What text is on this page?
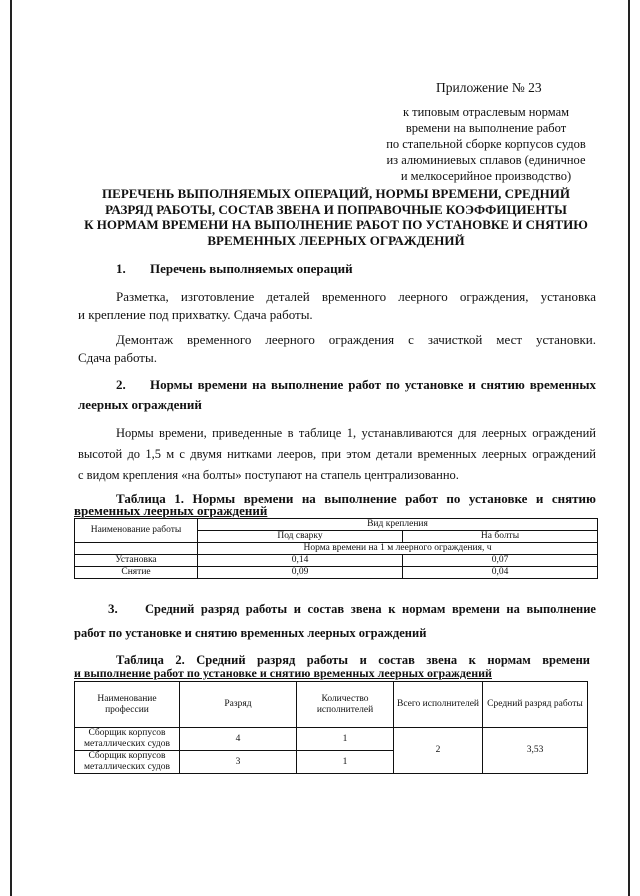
Приложение № 23
к типовым отраслевым нормам
времени на выполнение работ
по стапельной сборке корпусов судов
из алюминиевых сплавов (единичное
и мелкосерийное производство)
ПЕРЕЧЕНЬ ВЫПОЛНЯЕМЫХ ОПЕРАЦИЙ, НОРМЫ ВРЕМЕНИ, СРЕДНИЙ
РАЗРЯД РАБОТЫ, СОСТАВ ЗВЕНА И ПОПРАВОЧНЫЕ КОЭФФИЦИЕНТЫ
К НОРМАМ ВРЕМЕНИ НА ВЫПОЛНЕНИЕ РАБОТ ПО УСТАНОВКЕ И СНЯТИЮ
ВРЕМЕННЫХ ЛЕЕРНЫХ ОГРАЖДЕНИЙ
1. Перечень выполняемых операций
Разметка, изготовление деталей временного леерного ограждения, установка
и крепление под прихватку. Сдача работы.
Демонтаж временного леерного ограждения с зачисткой мест установки.
Сдача работы.
2. Нормы времени на выполнение работ по установке и снятию временных
леерных ограждений
Нормы времени, приведенные в таблице 1, устанавливаются для леерных ограждений
высотой до 1,5 м с двумя нитками лееров, при этом детали временных леерных ограждений
с видом крепления «на болты» поступают на стапель централизованно.
Таблица 1. Нормы времени на выполнение работ по установке и снятию
временных леерных ограждений
Наименование работы	Вид крепления	
	Под сварку	На болты
	Норма времени на 1 м леерного ограждения, ч	
Установка	0,14	0,07
Снятие	0,09	0,04
3. Средний разряд работы и состав звена к нормам времени на выполнение
работ по установке и снятию временных леерных ограждений
Таблица 2. Средний разряд работы и состав звена к нормам времени
и выполнение работ по установке и снятию временных леерных ограждений
Наименование профессии	Разряд	Количество исполнителей	Всего исполнителей	Средний разряд работы
Сборщик корпусов металлических судов	4	1	2	3,53
Сборщик корпусов металлических судов	3	1		
